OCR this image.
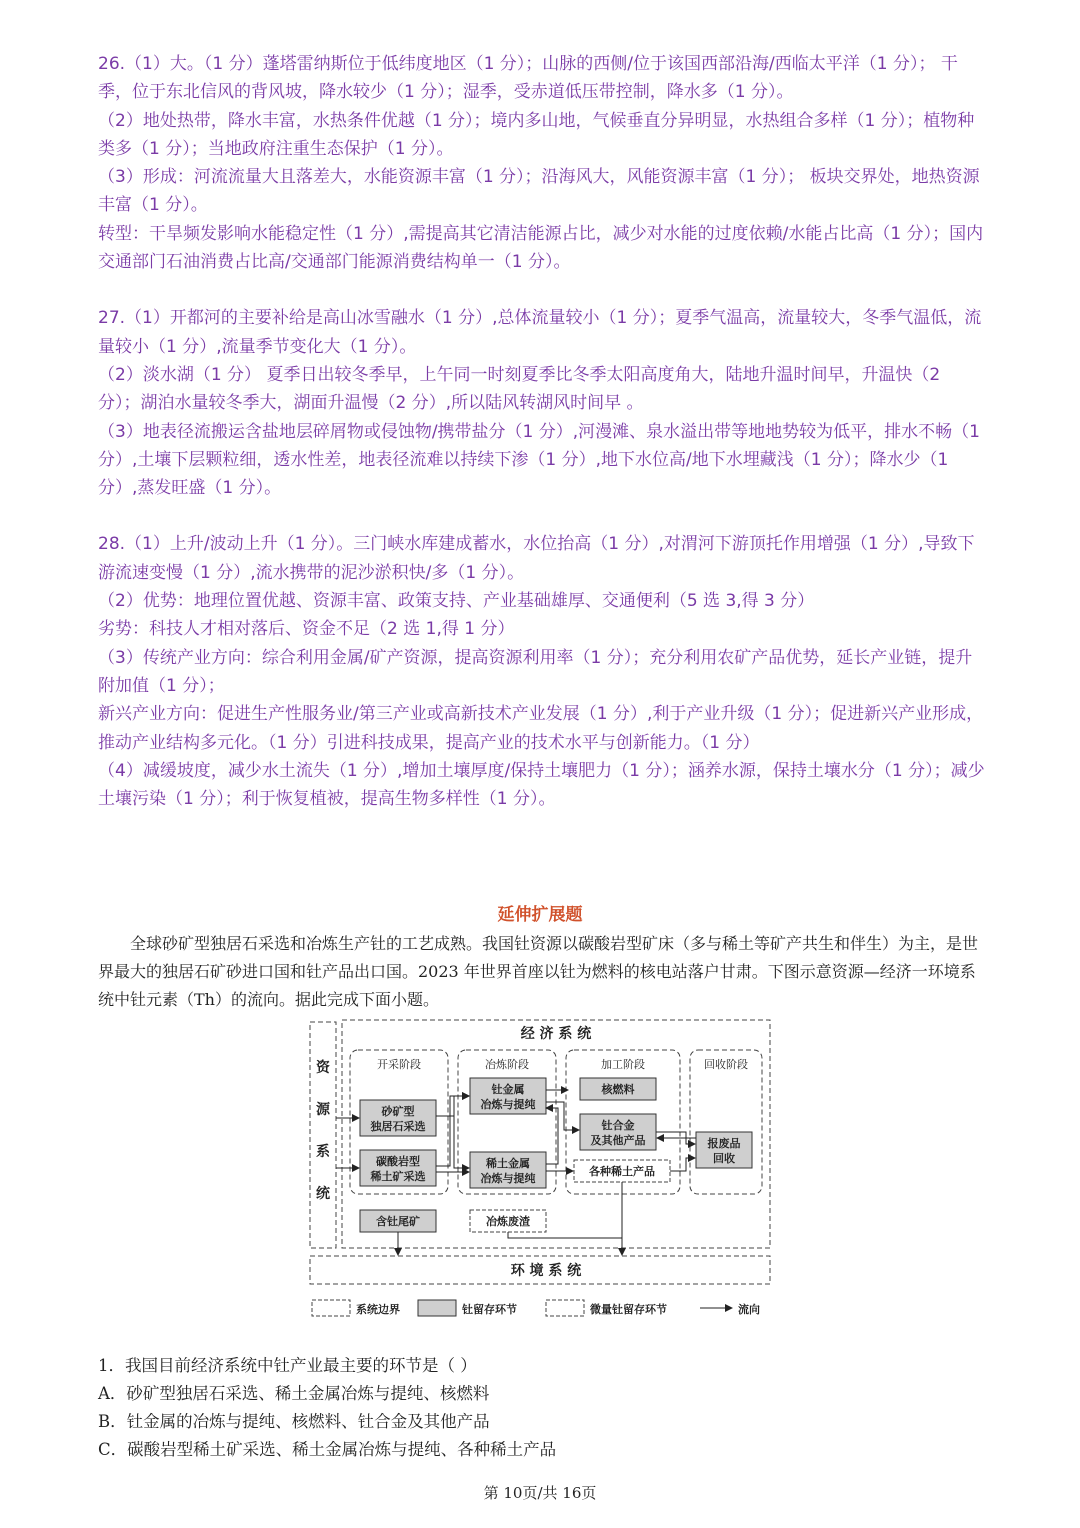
26.（1）大。（1 分）蓬塔雷纳斯位于低纬度地区（1 分）；山脉的西侧/位于该国西部沿海/西临太平洋（1 分）； 干季，位于东北信风的背风坡，降水较少（1 分）；湿季，受赤道低压带控制，降水多（1 分）。

（2）地处热带，降水丰富，水热条件优越（1 分）；境内多山地，气候垂直分异明显，水热组合多样（1 分）；植物种类多（1 分）；当地政府注重生态保护（1 分）。

（3）形成：河流流量大且落差大，水能资源丰富（1 分）；沿海风大，风能资源丰富（1 分）； 板块交界处，地热资源丰富（1 分）。

转型：干旱频发影响水能稳定性（1 分）,需提高其它清洁能源占比，减少对水能的过度依赖/水能占比高（1 分）；国内交通部门石油消费占比高/交通部门能源消费结构单一（1 分）。

27.（1）开都河的主要补给是高山冰雪融水（1 分）,总体流量较小（1 分）；夏季气温高，流量较大，冬季气温低，流量较小（1 分）,流量季节变化大（1 分）。

（2）淡水湖（1 分） 夏季日出较冬季早，上午同一时刻夏季比冬季太阳高度角大，陆地升温时间早，升温快（2 分）；湖泊水量较冬季大，湖面升温慢（2 分）,所以陆风转湖风时间早 。

（3）地表径流搬运含盐地层碎屑物或侵蚀物/携带盐分（1 分）,河漫滩、泉水溢出带等地地势较为低平，排水不畅（1 分）,土壤下层颗粒细，透水性差，地表径流难以持续下渗（1 分）,地下水位高/地下水埋藏浅（1 分）；降水少（1 分）,蒸发旺盛（1 分）。

28.（1）上升/波动上升（1 分）。三门峡水库建成蓄水，水位抬高（1 分）,对渭河下游顶托作用增强（1 分）,导致下游流速变慢（1 分）,流水携带的泥沙淤积快/多（1 分）。

（2）优势：地理位置优越、资源丰富、政策支持、产业基础雄厚、交通便利（5 选 3,得 3 分）

劣势：科技人才相对落后、资金不足（2 选 1,得 1 分）

（3）传统产业方向：综合利用金属/矿产资源，提高资源利用率（1 分）；充分利用农矿产品优势，延长产业链，提升附加值（1 分）；

新兴产业方向：促进生产性服务业/第三产业或高新技术产业发展（1 分）,利于产业升级（1 分）；促进新兴产业形成，推动产业结构多元化。（1 分）引进科技成果，提高产业的技术水平与创新能力。（1 分）

（4）减缓坡度，减少水土流失（1 分）,增加土壤厚度/保持土壤肥力（1 分）；涵养水源，保持土壤水分（1 分）；减少土壤污染（1 分）；利于恢复植被，提高生物多样性（1 分）。

延伸扩展题

全球砂矿型独居石采选和冶炼生产钍的工艺成熟。我国钍资源以碳酸岩型矿床（多与稀土等矿产共生和伴生）为主，是世界最大的独居石矿砂进口国和钍产品出口国。2023 年世界首座以钍为燃料的核电站落户甘肃。下图示意资源—经济一环境系统中钍元素（Th）的流向。据此完成下面小题。

经 济 系 统
资
源
系
统
环 境 系 统
开采阶段	冶炼阶段	加工阶段	回收阶段
砂矿型
独居石采选
碳酸岩型
稀土矿采选
钍金属
冶炼与提纯
稀土金属
冶炼与提纯
核燃料
钍合金
及其他产品	报废品
回收
含钍尾矿
各种稀土产品
冶炼废渣
系统边界	钍留存环节	微量钍留存环节	流向

1．我国目前经济系统中钍产业最主要的环节是（ ）

A．砂矿型独居石采选、稀土金属冶炼与提纯、核燃料

B．钍金属的冶炼与提纯、核燃料、钍合金及其他产品

C．碳酸岩型稀土矿采选、稀土金属冶炼与提纯、各种稀土产品

第 10页/共 16页
